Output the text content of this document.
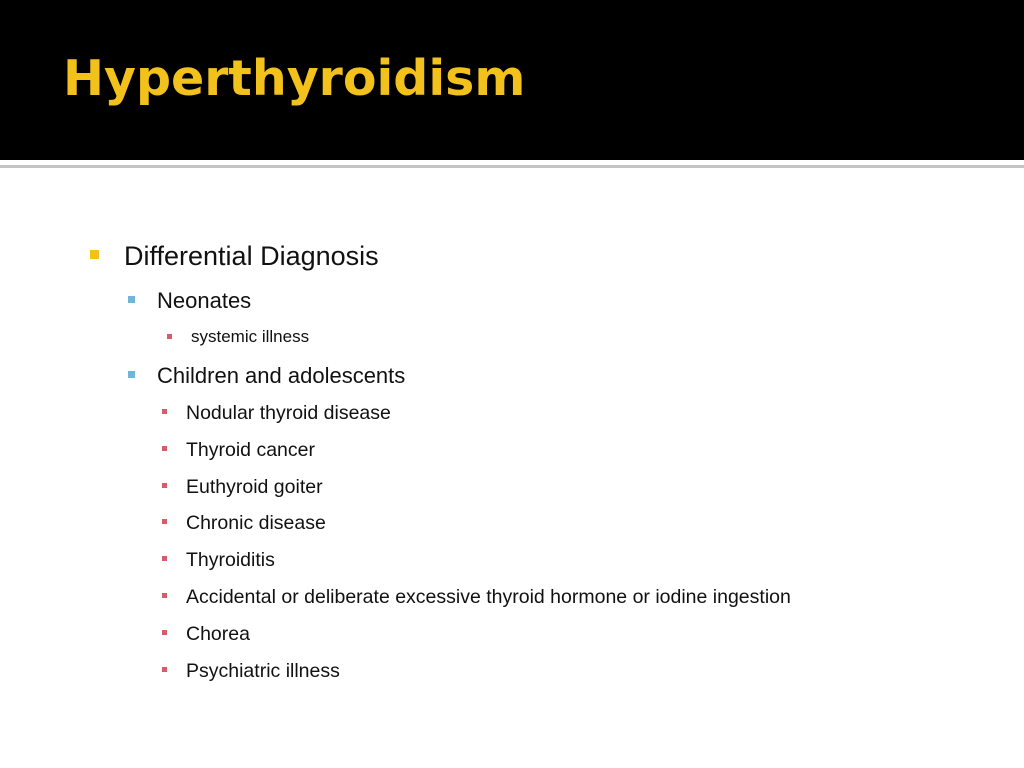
Hyperthyroidism
Differential Diagnosis
Neonates
systemic illness
Children and adolescents
Nodular thyroid disease
Thyroid cancer
Euthyroid goiter
Chronic disease
Thyroiditis
Accidental or deliberate excessive thyroid hormone or iodine ingestion
Chorea
Psychiatric illness
